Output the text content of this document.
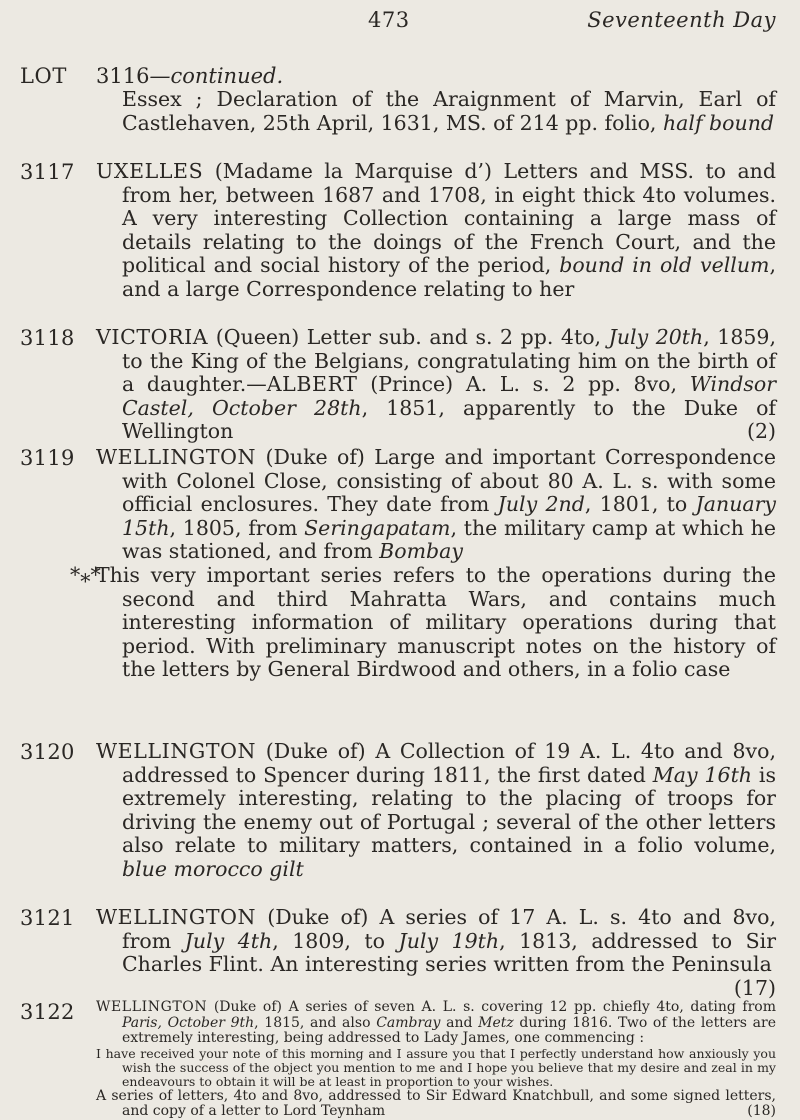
473	Seventeenth Day
LOT 3116—continued.

Essex ; Declaration of the Araignment of Marvin, Earl of Castlehaven, 25th April, 1631, MS. of 214 pp. folio, half bound

3117 UXELLES (Madame la Marquise d’) Letters and MSS. to and from her, between 1687 and 1708, in eight thick 4to volumes. A very interesting Collection containing a large mass of details relating to the doings of the French Court, and the political and social history of the period, bound in old vellum, and a large Correspondence relating to her

3118 VICTORIA (Queen) Letter sub. and s. 2 pp. 4to, July 20th, 1859, to the King of the Belgians, congratulating him on the birth of a daughter.—ALBERT (Prince) A. L. s. 2 pp. 8vo, Windsor Castel, October 28th, 1851, apparently to the Duke of Wellington	(2)

3119 WELLINGTON (Duke of) Large and important Correspondence with Colonel Close, consisting of about 80 A. L. s. with some official enclosures. They date from July 2nd, 1801, to January 15th, 1805, from Seringapatam, the military camp at which he was stationed, and from Bombay

*⁎*This very important series refers to the operations during the second and third Mahratta Wars, and contains much interesting information of military operations during that period. With preliminary manuscript notes on the history of the letters by General Birdwood and others, in a folio case

3120 WELLINGTON (Duke of) A Collection of 19 A. L. 4to and 8vo, addressed to Spencer during 1811, the first dated May 16th is extremely interesting, relating to the placing of troops for driving the enemy out of Portugal ; several of the other letters also relate to military matters, contained in a folio volume, blue morocco gilt

3121 WELLINGTON (Duke of) A series of 17 A. L. s. 4to and 8vo, from July 4th, 1809, to July 19th, 1813, addressed to Sir Charles Flint. An interesting series written from the Peninsula
(17)

3122 WELLINGTON (Duke of) A series of seven A. L. s. covering 12 pp. chiefly 4to, dating from Paris, October 9th, 1815, and also Cambray and Metz during 1816. Two of the letters are extremely interesting, being addressed to Lady James, one commencing :

I have received your note of this morning and I assure you that I perfectly understand how anxiously you wish the success of the object you mention to me and I hope you believe that my desire and zeal in my endeavours to obtain it will be at least in proportion to your wishes.

A series of letters, 4to and 8vo, addressed to Sir Edward Knatchbull, and some signed letters, and copy of a letter to Lord Teynham	(18)
